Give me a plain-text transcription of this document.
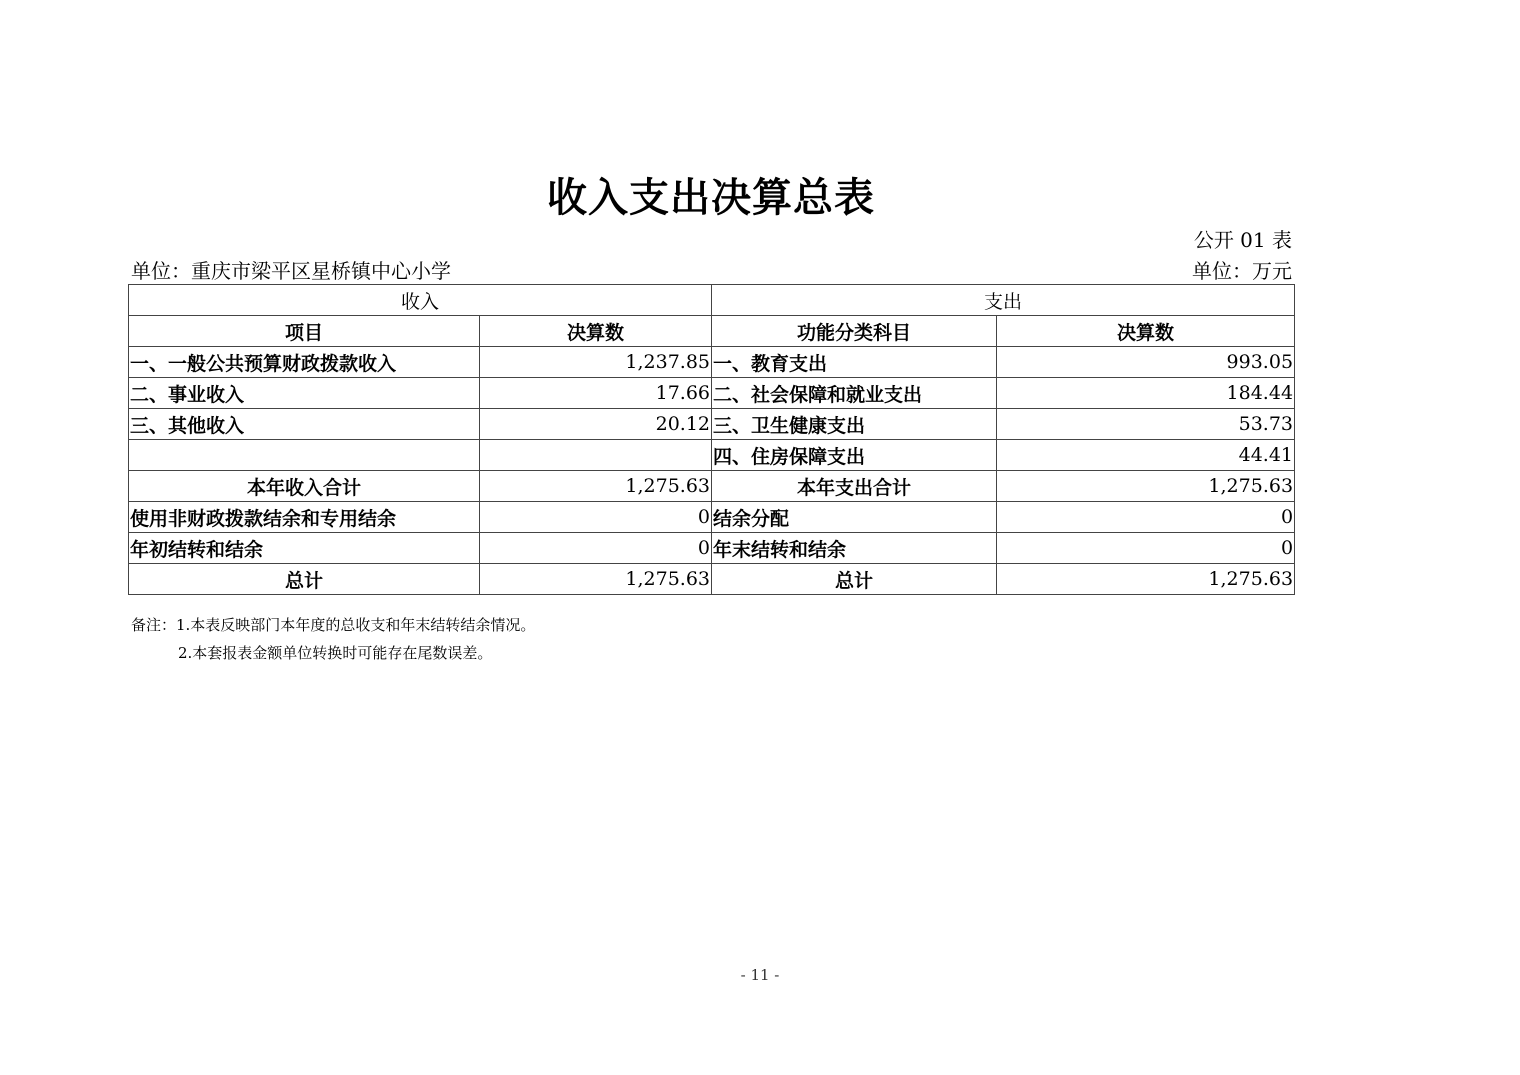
收入支出决算总表
公开 01 表
单位：重庆市梁平区星桥镇中心小学	单位：万元
收入		支出	
项目	决算数	功能分类科目	决算数
一、一般公共预算财政拨款收入	1,237.85	一、教育支出	993.05
二、事业收入	17.66	二、社会保障和就业支出	184.44
三、其他收入	20.12	三、卫生健康支出	53.73
		四、住房保障支出	44.41
本年收入合计	1,275.63	本年支出合计	1,275.63
使用非财政拨款结余和专用结余	0	结余分配	0
年初结转和结余	0	年末结转和结余	0
总计	1,275.63	总计	1,275.63
备注：1.本表反映部门本年度的总收支和年末结转结余情况。
2.本套报表金额单位转换时可能存在尾数误差。
- 11 -
